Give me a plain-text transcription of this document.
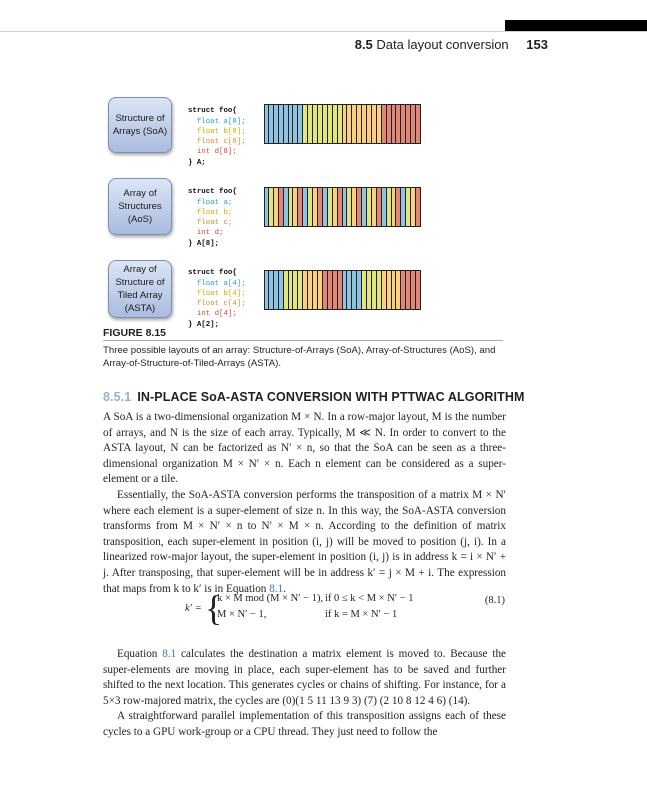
8.5 Data layout conversion 153
Structure of Arrays (SoA)

struct foo{
float a[8];
float b[8];
float c[8];
int d[8];
} A;
Array of Structures (AoS)

struct foo{
float a;
float b;
float c;
int d;
} A[8];
Array of Structure of Tiled Array (ASTA)

struct foo{
float a[4];
float b[4];
float c[4];
int d[4];
} A[2];
FIGURE 8.15
Three possible layouts of an array: Structure-of-Arrays (SoA), Array-of-Structures (AoS), and Array-of-Structure-of-Tiled-Arrays (ASTA).
8.5.1 IN-PLACE SoA-ASTA CONVERSION WITH PTTWAC ALGORITHM

A SoA is a two-dimensional organization M × N. In a row-major layout, M is the number of arrays, and N is the size of each array. Typically, M ≪ N. In order to convert to the ASTA layout, N can be factorized as N′ × n, so that the SoA can be seen as a three-dimensional organization M × N′ × n. Each n element can be considered as a super-element or a tile.

Essentially, the SoA-ASTA conversion performs the transposition of a matrix M × N′ where each element is a super-element of size n. In this way, the SoA-ASTA conversion transforms from M × N′ × n to N′ × M × n. According to the definition of matrix transposition, each super-element in position (i, j) will be moved to position (j, i). In a linearized row-major layout, the super-element in position (i, j) is in address k = i × N′ + j. After transposing, that super-element will be in address k′ = j × M + i. The expression that maps from k to k′ is in Equation 8.1.

k′ = {
k × M mod (M × N′ − 1), if 0 ≤ k < M × N′ − 1
M × N′ − 1,	if k = M × N′ − 1
(8.1)

Equation 8.1 calculates the destination a matrix element is moved to. Because the super-elements are moving in place, each super-element has to be saved and further shifted to the next location. This generates cycles or chains of shifting. For instance, for a 5×3 row-majored matrix, the cycles are (0)(1 5 11 13 9 3) (7) (2 10 8 12 4 6) (14).

A straightforward parallel implementation of this transposition assigns each of these cycles to a GPU work-group or a CPU thread. They just need to follow the
